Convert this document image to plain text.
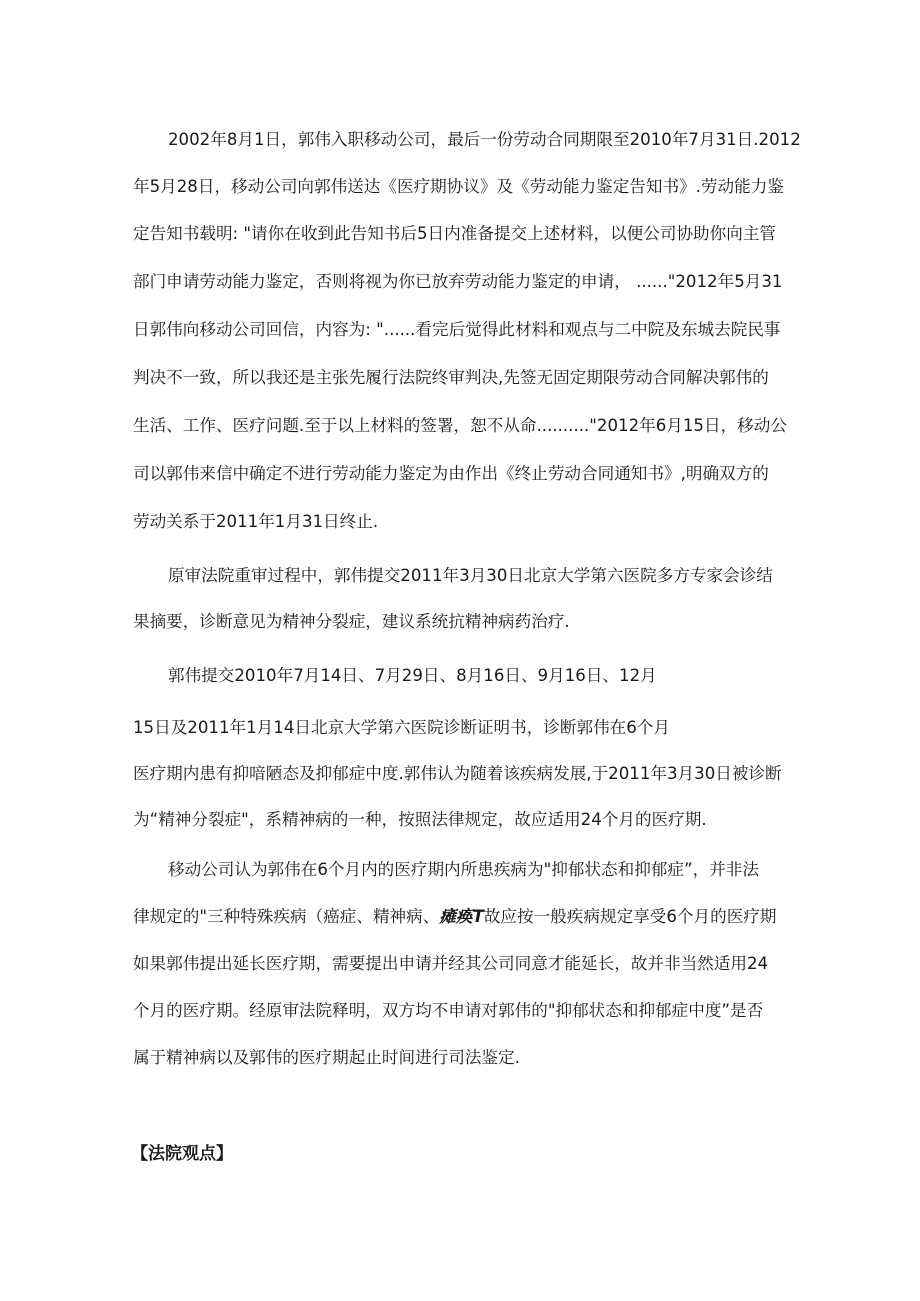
2002年8月1日，郭伟入职移动公司，最后一份劳动合同期限至2010年7月31日.2012
年5月28日，移动公司向郭伟送达《医疗期协议》及《劳动能力鉴定告知书》.劳动能力鉴
定告知书载明: "请你在收到此告知书后5日内准备提交上述材料，以便公司协助你向主管
部门申请劳动能力鉴定，否则将视为你已放弃劳动能力鉴定的申请， ......"2012年5月31
日郭伟向移动公司回信，内容为: "......看完后觉得此材料和观点与二中院及东城去院民事
判决不一致，所以我还是主张先履行法院终审判决,先签无固定期限劳动合同解决郭伟的
生活、工作、医疗问题.至于以上材料的签署，恕不从命.........."2012年6月15日，移动公
司以郭伟来信中确定不进行劳动能力鉴定为由作出《终止劳动合同通知书》,明确双方的
劳动关系于2011年1月31日终止.
原审法院重审过程中，郭伟提交2011年3月30日北京大学第六医院多方专家会诊结
果摘要，诊断意见为精神分裂症，建议系统抗精神病药治疗.
郭伟提交2010年7月14日、7月29日、8月16日、9月16日、12月
15日及2011年1月14日北京大学第六医院诊断证明书，诊断郭伟在6个月
医疗期内患有抑喑陋态及抑郁症中度.郭伟认为随着该疾病发展,于2011年3月30日被诊断
为“精神分裂症"，系精神病的一种，按照法律规定，故应适用24个月的医疗期.
移动公司认为郭伟在6个月内的医疗期内所患疾病为"抑郁状态和抑郁症”，并非法
律规定的"三种特殊疾病（癌症、精神病、瘫痪T故应按一般疾病规定享受6个月的医疗期
如果郭伟提出延长医疗期，需要提出申请并经其公司同意才能延长，故并非当然适用24
个月的医疗期。经原审法院释明，双方均不申请对郭伟的"抑郁状态和抑郁症中度”是否
属于精神病以及郭伟的医疗期起止时间进行司法鉴定.
【法院观点】
